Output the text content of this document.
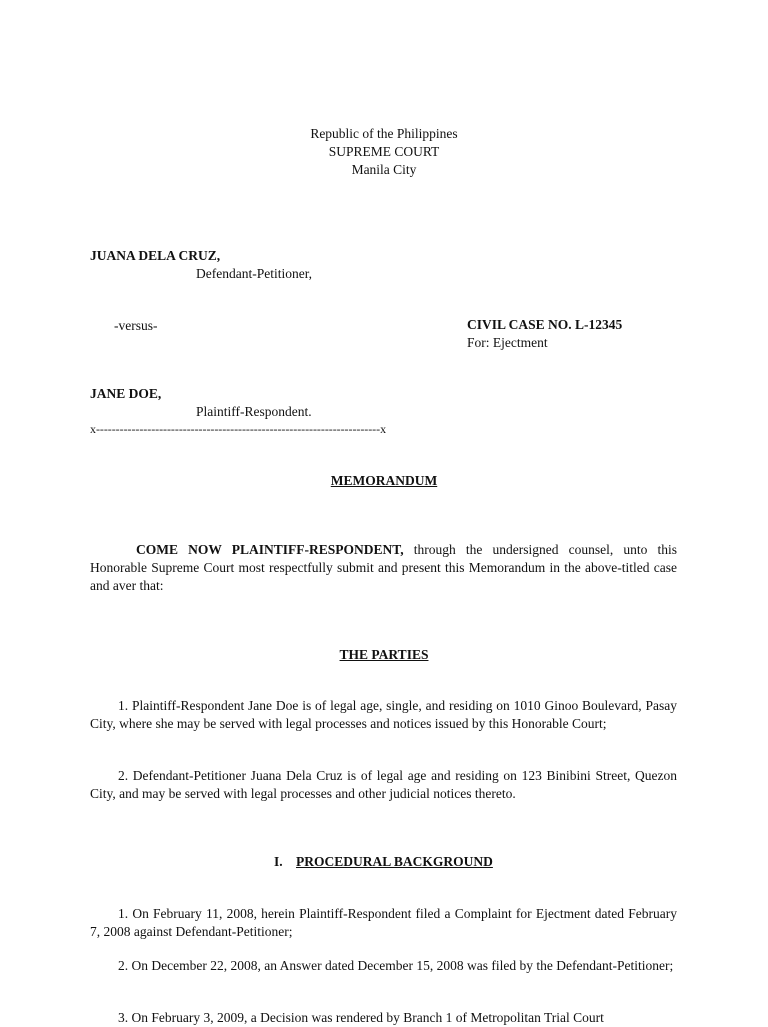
Republic of the Philippines
SUPREME COURT
Manila City
JUANA DELA CRUZ,
Defendant-Petitioner,
-versus-	CIVIL CASE NO. L-12345
For: Ejectment
JANE DOE,
Plaintiff-Respondent.
x------------------------------------------------------------------------x
MEMORANDUM
COME NOW PLAINTIFF-RESPONDENT, through the undersigned counsel, unto this Honorable Supreme Court most respectfully submit and present this Memorandum in the above-titled case and aver that:
THE PARTIES
1. Plaintiff-Respondent Jane Doe is of legal age, single, and residing on 1010 Ginoo Boulevard, Pasay City, where she may be served with legal processes and notices issued by this Honorable Court;
2. Defendant-Petitioner Juana Dela Cruz is of legal age and residing on 123 Binibini Street, Quezon City, and may be served with legal processes and other judicial notices thereto.
I. PROCEDURAL BACKGROUND
1. On February 11, 2008, herein Plaintiff-Respondent filed a Complaint for Ejectment dated February 7, 2008 against Defendant-Petitioner;
2. On December 22, 2008, an Answer dated December 15, 2008 was filed by the Defendant-Petitioner;
3. On February 3, 2009, a Decision was rendered by Branch 1 of Metropolitan Trial Court
